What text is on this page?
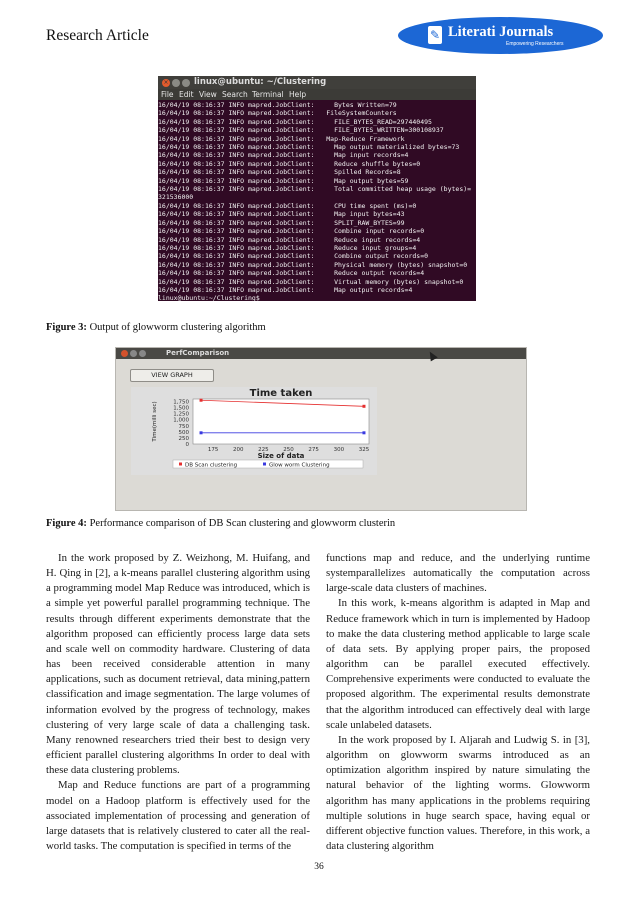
Research Article	✎ Literati Journals
Empowering Researchers
×	linux@ubuntu: ~/Clustering
File Edit View Search Terminal Help
16/04/19 08:16:37 INFO mapred.JobClient:     Bytes Written=79
16/04/19 08:16:37 INFO mapred.JobClient:   FileSystemCounters
16/04/19 08:16:37 INFO mapred.JobClient:     FILE_BYTES_READ=297440495
16/04/19 08:16:37 INFO mapred.JobClient:     FILE_BYTES_WRITTEN=300108937
16/04/19 08:16:37 INFO mapred.JobClient:   Map-Reduce Framework
16/04/19 08:16:37 INFO mapred.JobClient:     Map output materialized bytes=73
16/04/19 08:16:37 INFO mapred.JobClient:     Map input records=4
16/04/19 08:16:37 INFO mapred.JobClient:     Reduce shuffle bytes=0
16/04/19 08:16:37 INFO mapred.JobClient:     Spilled Records=8
16/04/19 08:16:37 INFO mapred.JobClient:     Map output bytes=59
16/04/19 08:16:37 INFO mapred.JobClient:     Total committed heap usage (bytes)=
321536000
16/04/19 08:16:37 INFO mapred.JobClient:     CPU time spent (ms)=0
16/04/19 08:16:37 INFO mapred.JobClient:     Map input bytes=43
16/04/19 08:16:37 INFO mapred.JobClient:     SPLIT_RAW_BYTES=99
16/04/19 08:16:37 INFO mapred.JobClient:     Combine input records=0
16/04/19 08:16:37 INFO mapred.JobClient:     Reduce input records=4
16/04/19 08:16:37 INFO mapred.JobClient:     Reduce input groups=4
16/04/19 08:16:37 INFO mapred.JobClient:     Combine output records=0
16/04/19 08:16:37 INFO mapred.JobClient:     Physical memory (bytes) snapshot=0
16/04/19 08:16:37 INFO mapred.JobClient:     Reduce output records=4
16/04/19 08:16:37 INFO mapred.JobClient:     Virtual memory (bytes) snapshot=0
16/04/19 08:16:37 INFO mapred.JobClient:     Map output records=4
linux@ubuntu:~/Clustering$
Figure 3: Output of glowworm clustering algorithm
PerfComparison
VIEW GRAPH
Time taken
0
250
500
750
1,000
1,250
1,500
1,750
175	200	225	250	275	300	325
Size of data
Time(milli sec)
DB Scan clustering	Glow worm Clustering
Figure 4: Performance comparison of DB Scan clustering and glowworm clusterin

In the work proposed by Z. Weizhong, M. Huifang, and H. Qing in [2], a k-means parallel clustering algorithm using a programming model Map Reduce was introduced, which is a simple yet powerful parallel programming technique. The results through different experiments demonstrate that the algorithm proposed can efficiently process large data sets and scale well on commodity hardware. Clustering of data has been received considerable attention in many applications, such as document retrieval, data mining,pattern classification and image segmentation. The large volumes of information evolved by the progress of technology, makes clustering of very large scale of data a challenging task. Many renowned researchers tried their best to design very efficient parallel clustering algorithms In order to deal with these data clustering problems.

Map and Reduce functions are part of a programming model on a Hadoop platform is effectively used for the associated implementation of processing and generation of large datasets that is relatively clustered to cater all the real-world tasks. The computation is specified in terms of the

functions map and reduce, and the underlying runtime systemparallelizes automatically the computation across large-scale data clusters of machines.

In this work, k-means algorithm is adapted in Map and Reduce framework which in turn is implemented by Hadoop to make the data clustering method applicable to large scale of data sets. By applying proper pairs, the proposed algorithm can be parallel executed effectively. Comprehensive experiments were conducted to evaluate the proposed algorithm. The experimental results demonstrate that the algorithm introduced can effectively deal with large scale unlabeled datasets.

In the work proposed by I. Aljarah and Ludwig S. in [3], algorithm on glowworm swarms introduced as an optimization algorithm inspired by nature simulating the natural behavior of the lighting worms. Glowworm algorithm has many applications in the problems requiring multiple solutions in huge search space, having equal or different objective function values. Therefore, in this work, a data clustering algorithm

36
